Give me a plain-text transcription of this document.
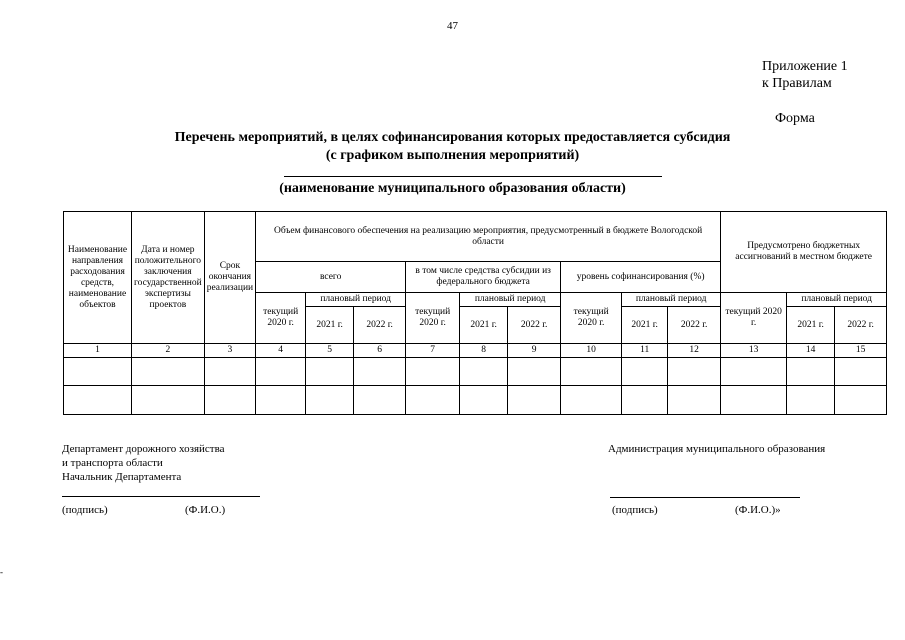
47
Приложение 1
к Правилам
Форма
Перечень мероприятий, в целях софинансирования которых предоставляется субсидия
(с графиком выполнения мероприятий)
(наименование муниципального образования области)
Наименование направления расходования средств, наименование объектов	Дата и номер положительного заключения государственной экспертизы проектов	Срок окончания реализации	Объем финансового обеспечения на реализацию мероприятия, предусмотренный в бюджете Вологодской области									Предусмотрено бюджетных ассигнований в местном бюджете		
			всего			в том числе средства субсидии из федерального бюджета			уровень софинансирования (%)					
			текущий 2020 г.	плановый период		текущий 2020 г.	плановый период		текущий 2020 г.	плановый период		текущий 2020 г.	плановый период	
				2021 г.	2022 г.		2021 г.	2022 г.		2021 г.	2022 г.		2021 г.	2022 г.
1	2	3	4	5	6	7	8	9	10	11	12	13	14	15

Департамент дорожного хозяйства
и транспорта области
Начальник Департамента
(подпись)	(Ф.И.О.)
Администрация муниципального образования
(подпись)	(Ф.И.О.)»
-
